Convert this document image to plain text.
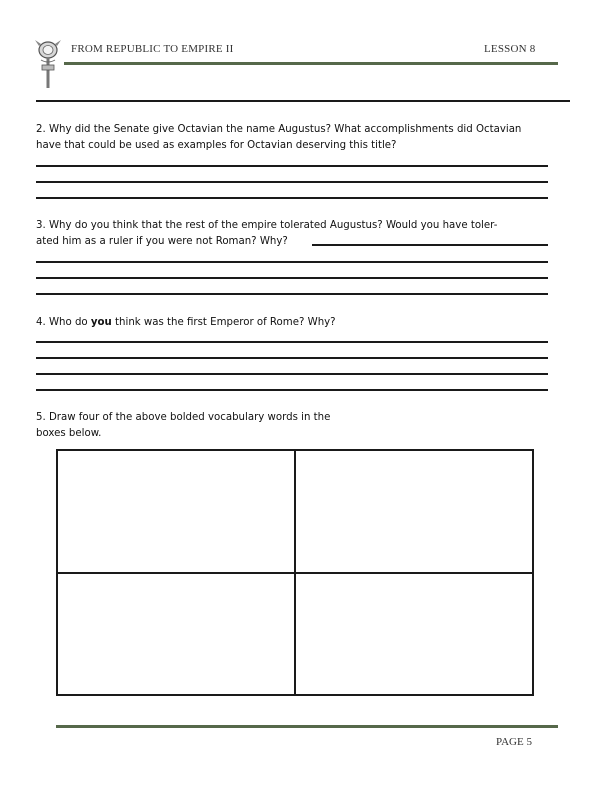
FROM REPUBLIC TO EMPIRE II	LESSON 8
2. Why did the Senate give Octavian the name Augustus? What accomplishments did Octavian
have that could be used as examples for Octavian deserving this title?
3. Why do you think that the rest of the empire tolerated Augustus? Would you have toler-
ated him as a ruler if you were not Roman? Why?
4. Who do you think was the first Emperor of Rome? Why?
5. Draw four of the above bolded vocabulary words in the
boxes below.
PAGE 5
